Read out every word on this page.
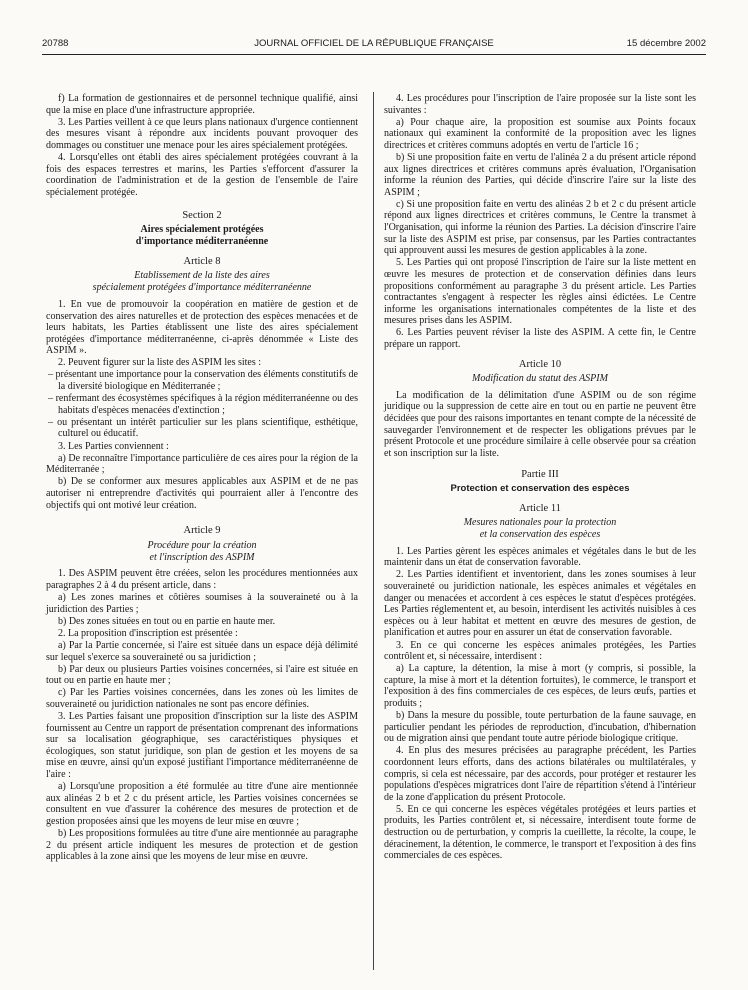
20788	JOURNAL OFFICIEL DE LA RÉPUBLIQUE FRANÇAISE	15 décembre 2002

f) La formation de gestionnaires et de personnel technique qualifié, ainsi que la mise en place d'une infrastructure appropriée.

3. Les Parties veillent à ce que leurs plans nationaux d'urgence contiennent des mesures visant à répondre aux incidents pouvant provoquer des dommages ou constituer une menace pour les aires spécialement protégées.

4. Lorsqu'elles ont établi des aires spécialement protégées couvrant à la fois des espaces terrestres et marins, les Parties s'efforcent d'assurer la coordination de l'administration et de la gestion de l'ensemble de l'aire spécialement protégée.

Section 2

Aires spécialement protégées

d'importance méditerranéenne

Article 8

Etablissement de la liste des aires

spécialement protégées d'importance méditerranéenne

1. En vue de promouvoir la coopération en matière de gestion et de conservation des aires naturelles et de protection des espèces menacées et de leurs habitats, les Parties établissent une liste des aires spécialement protégées d'importance méditerranéenne, ci-après dénommée « Liste des ASPIM ».

2. Peuvent figurer sur la liste des ASPIM les sites :

– présentant une importance pour la conservation des éléments constitutifs de la diversité biologique en Méditerranée ;

– renfermant des écosystèmes spécifiques à la région méditerranéenne ou des habitats d'espèces menacées d'extinction ;

– ou présentant un intérêt particulier sur les plans scientifique, esthétique, culturel ou éducatif.

3. Les Parties conviennent :

a) De reconnaître l'importance particulière de ces aires pour la région de la Méditerranée ;

b) De se conformer aux mesures applicables aux ASPIM et de ne pas autoriser ni entreprendre d'activités qui pourraient aller à l'encontre des objectifs qui ont motivé leur création.

Article 9

Procédure pour la création

et l'inscription des ASPIM

1. Des ASPIM peuvent être créées, selon les procédures mentionnées aux paragraphes 2 à 4 du présent article, dans :

a) Les zones marines et côtières soumises à la souveraineté ou à la juridiction des Parties ;

b) Des zones situées en tout ou en partie en haute mer.

2. La proposition d'inscription est présentée :

a) Par la Partie concernée, si l'aire est située dans un espace déjà délimité sur lequel s'exerce sa souveraineté ou sa juridiction ;

b) Par deux ou plusieurs Parties voisines concernées, si l'aire est située en tout ou en partie en haute mer ;

c) Par les Parties voisines concernées, dans les zones où les limites de souveraineté ou juridiction nationales ne sont pas encore définies.

3. Les Parties faisant une proposition d'inscription sur la liste des ASPIM fournissent au Centre un rapport de présentation comprenant des informations sur sa localisation géographique, ses caractéristiques physiques et écologiques, son statut juridique, son plan de gestion et les moyens de sa mise en œuvre, ainsi qu'un exposé justifiant l'importance méditerranéenne de l'aire :

a) Lorsqu'une proposition a été formulée au titre d'une aire mentionnée aux alinéas 2 b et 2 c du présent article, les Parties voisines concernées se consultent en vue d'assurer la cohérence des mesures de protection et de gestion proposées ainsi que les moyens de leur mise en œuvre ;

b) Les propositions formulées au titre d'une aire mentionnée au paragraphe 2 du présent article indiquent les mesures de protection et de gestion applicables à la zone ainsi que les moyens de leur mise en œuvre.

4. Les procédures pour l'inscription de l'aire proposée sur la liste sont les suivantes :

a) Pour chaque aire, la proposition est soumise aux Points focaux nationaux qui examinent la conformité de la proposition avec les lignes directrices et critères communs adoptés en vertu de l'article 16 ;

b) Si une proposition faite en vertu de l'alinéa 2 a du présent article répond aux lignes directrices et critères communs après évaluation, l'Organisation informe la réunion des Parties, qui décide d'inscrire l'aire sur la liste des ASPIM ;

c) Si une proposition faite en vertu des alinéas 2 b et 2 c du présent article répond aux lignes directrices et critères communs, le Centre la transmet à l'Organisation, qui informe la réunion des Parties. La décision d'inscrire l'aire sur la liste des ASPIM est prise, par consensus, par les Parties contractantes qui approuvent aussi les mesures de gestion applicables à la zone.

5. Les Parties qui ont proposé l'inscription de l'aire sur la liste mettent en œuvre les mesures de protection et de conservation définies dans leurs propositions conformément au paragraphe 3 du présent article. Les Parties contractantes s'engagent à respecter les règles ainsi édictées. Le Centre informe les organisations internationales compétentes de la liste et des mesures prises dans les ASPIM.

6. Les Parties peuvent réviser la liste des ASPIM. A cette fin, le Centre prépare un rapport.

Article 10

Modification du statut des ASPIM

La modification de la délimitation d'une ASPIM ou de son régime juridique ou la suppression de cette aire en tout ou en partie ne peuvent être décidées que pour des raisons importantes en tenant compte de la nécessité de sauvegarder l'environnement et de respecter les obligations prévues par le présent Protocole et une procédure similaire à celle observée pour sa création et son inscription sur la liste.

Partie III

Protection et conservation des espèces

Article 11

Mesures nationales pour la protection

et la conservation des espèces

1. Les Parties gèrent les espèces animales et végétales dans le but de les maintenir dans un état de conservation favorable.

2. Les Parties identifient et inventorient, dans les zones soumises à leur souveraineté ou juridiction nationale, les espèces animales et végétales en danger ou menacées et accordent à ces espèces le statut d'espèces protégées. Les Parties réglementent et, au besoin, interdisent les activités nuisibles à ces espèces ou à leur habitat et mettent en œuvre des mesures de gestion, de planification et autres pour en assurer un état de conservation favorable.

3. En ce qui concerne les espèces animales protégées, les Parties contrôlent et, si nécessaire, interdisent :

a) La capture, la détention, la mise à mort (y compris, si possible, la capture, la mise à mort et la détention fortuites), le commerce, le transport et l'exposition à des fins commerciales de ces espèces, de leurs œufs, parties et produits ;

b) Dans la mesure du possible, toute perturbation de la faune sauvage, en particulier pendant les périodes de reproduction, d'incubation, d'hibernation ou de migration ainsi que pendant toute autre période biologique critique.

4. En plus des mesures précisées au paragraphe précédent, les Parties coordonnent leurs efforts, dans des actions bilatérales ou multilatérales, y compris, si cela est nécessaire, par des accords, pour protéger et restaurer les populations d'espèces migratrices dont l'aire de répartition s'étend à l'intérieur de la zone d'application du présent Protocole.

5. En ce qui concerne les espèces végétales protégées et leurs parties et produits, les Parties contrôlent et, si nécessaire, interdisent toute forme de destruction ou de perturbation, y compris la cueillette, la récolte, la coupe, le déracinement, la détention, le commerce, le transport et l'exposition à des fins commerciales de ces espèces.
